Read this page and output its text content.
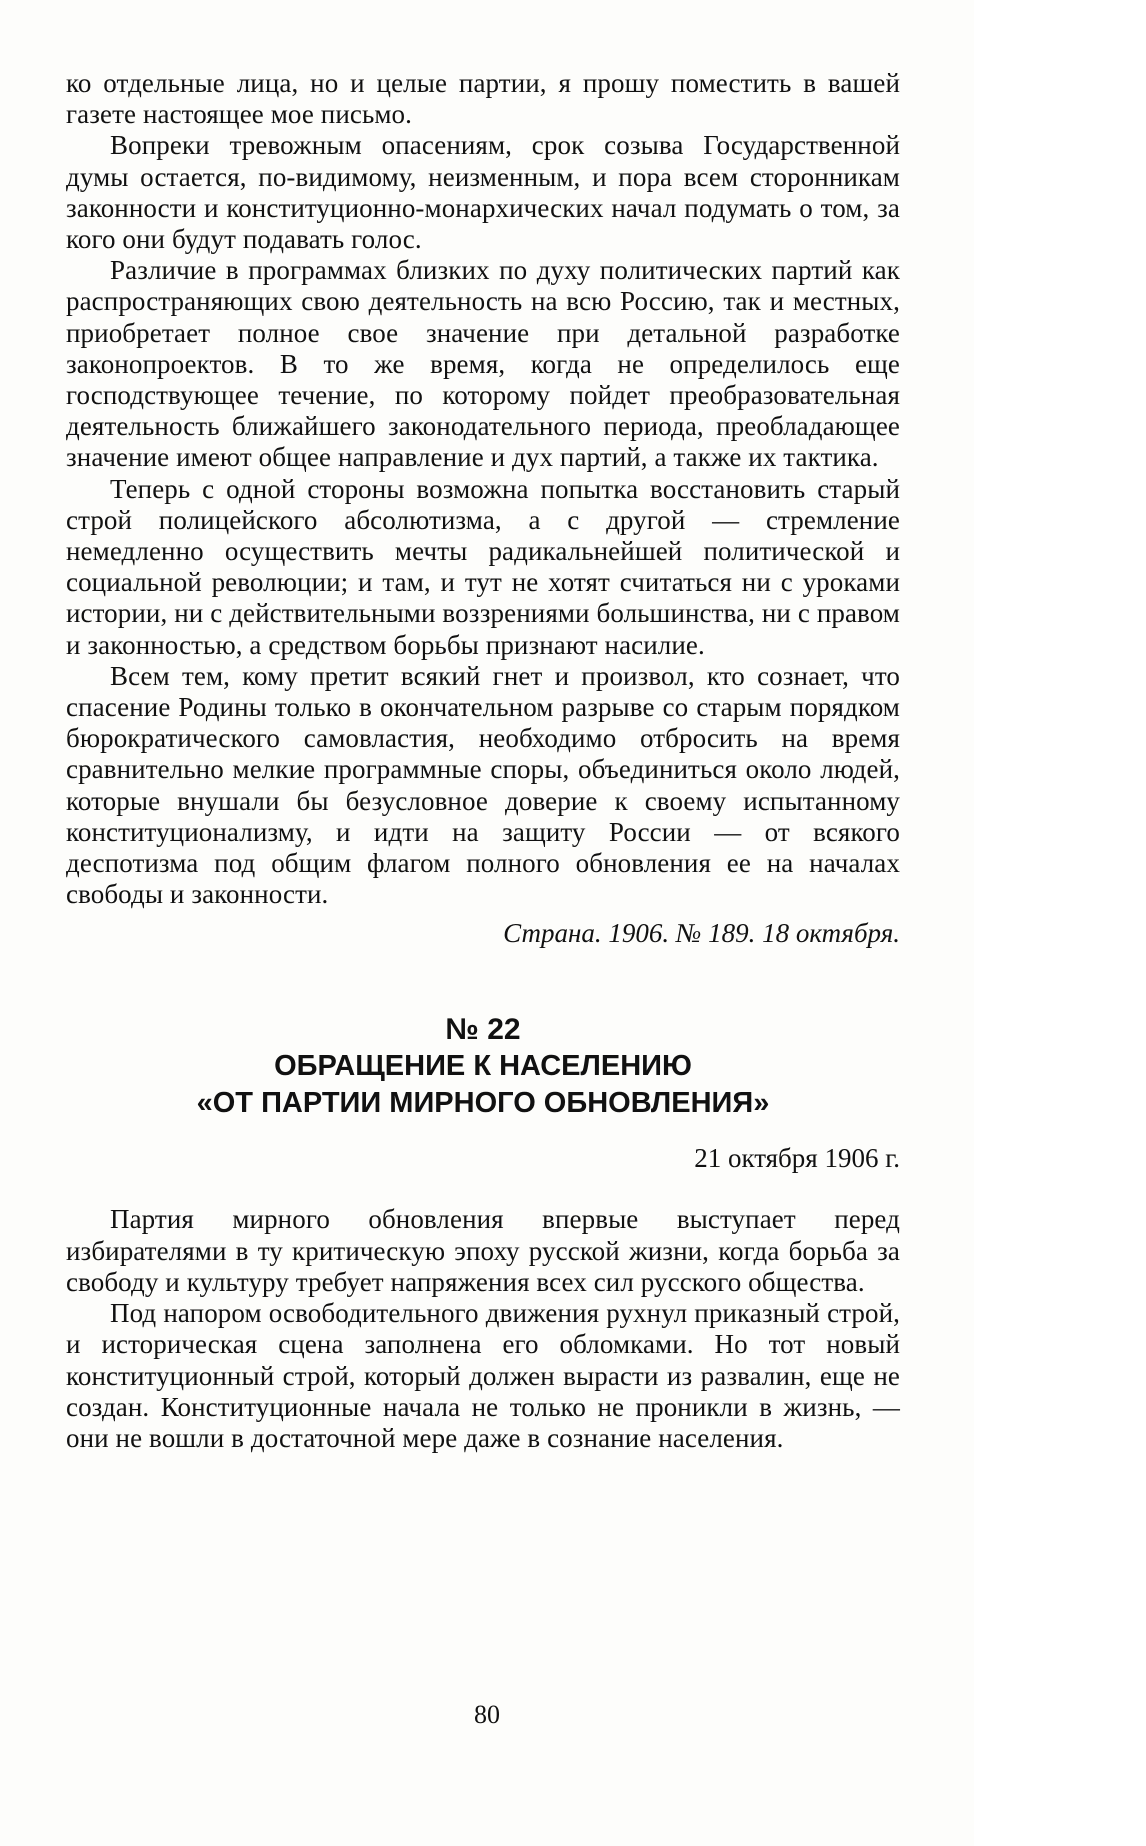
ко отдельные лица, но и целые партии, я прошу поместить в вашей газете настоящее мое письмо.

Вопреки тревожным опасениям, срок созыва Государственной думы остается, по-видимому, неизменным, и пора всем сторонникам законности и конституционно-монархических начал подумать о том, за кого они будут подавать голос.

Различие в программах близких по духу политических партий как распространяющих свою деятельность на всю Россию, так и местных, приобретает полное свое значение при детальной разработке законопроектов. В то же время, когда не определилось еще господствующее течение, по которому пойдет преобразовательная деятельность ближайшего законодательного периода, преобладающее значение имеют общее направление и дух партий, а также их тактика.

Теперь с одной стороны возможна попытка восстановить старый строй полицейского абсолютизма, а с другой — стремление немедленно осуществить мечты радикальнейшей политической и социальной революции; и там, и тут не хотят считаться ни с уроками истории, ни с действительными воззрениями большинства, ни с правом и законностью, а средством борьбы признают насилие.

Всем тем, кому претит всякий гнет и произвол, кто сознает, что спасение Родины только в окончательном разрыве со старым порядком бюрократического самовластия, необходимо отбросить на время сравнительно мелкие программные споры, объединиться около людей, которые внушали бы безусловное доверие к своему испытанному конституционализму, и идти на защиту России — от всякого деспотизма под общим флагом полного обновления ее на началах свободы и законности.

Страна. 1906. № 189. 18 октября.

№ 22

ОБРАЩЕНИЕ К НАСЕЛЕНИЮ

«ОТ ПАРТИИ МИРНОГО ОБНОВЛЕНИЯ»

21 октября 1906 г.

Партия мирного обновления впервые выступает перед избирателями в ту критическую эпоху русской жизни, когда борьба за свободу и культуру требует напряжения всех сил русского общества.

Под напором освободительного движения рухнул приказный строй, и историческая сцена заполнена его обломками. Но тот новый конституционный строй, который должен вырасти из развалин, еще не создан. Конституционные начала не только не проникли в жизнь, — они не вошли в достаточной мере даже в сознание населения.

80
